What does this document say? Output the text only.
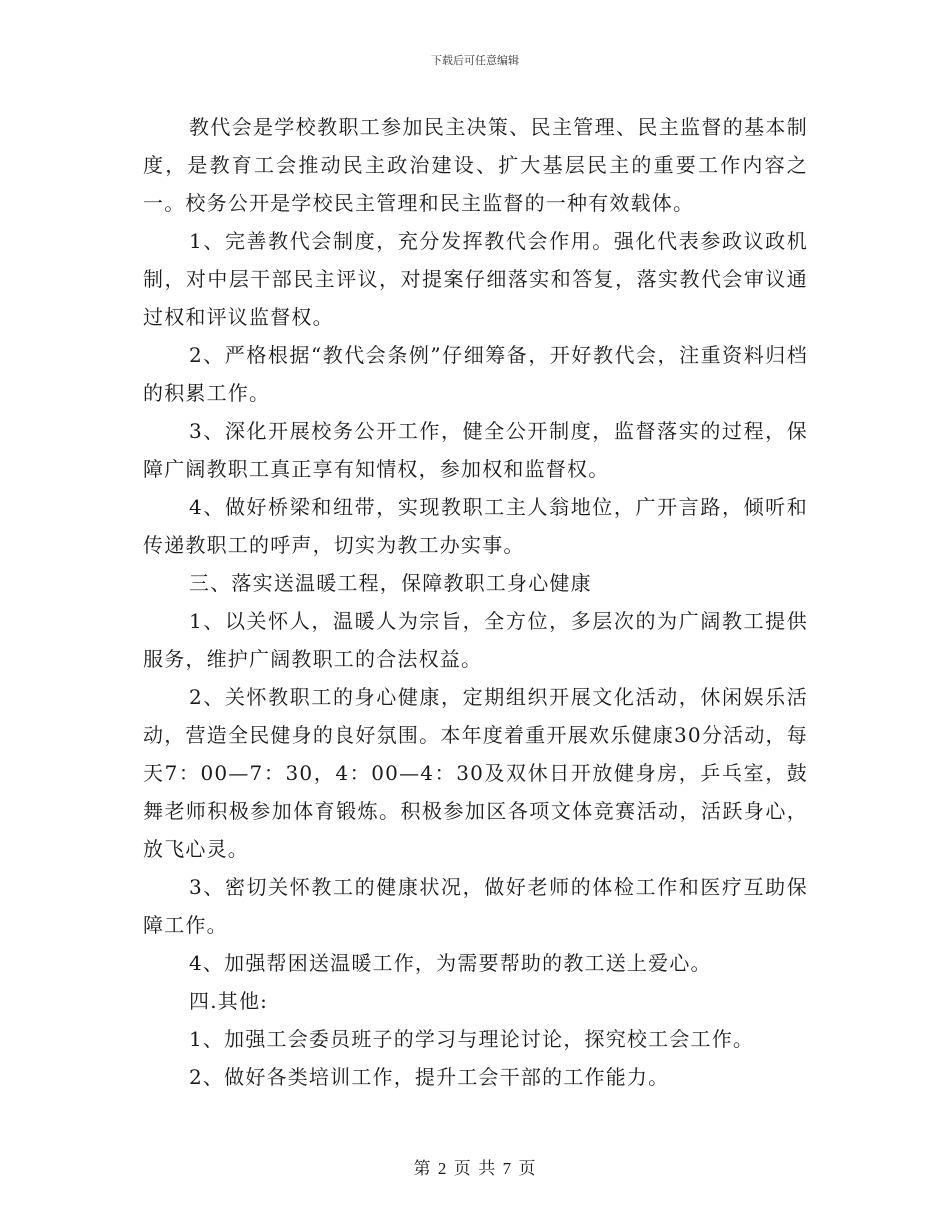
下载后可任意编辑

教代会是学校教职工参加民主决策、民主管理、民主监督的基本制度，是教育工会推动民主政治建设、扩大基层民主的重要工作内容之一。校务公开是学校民主管理和民主监督的一种有效载体。

1、完善教代会制度，充分发挥教代会作用。强化代表参政议政机制，对中层干部民主评议，对提案仔细落实和答复，落实教代会审议通过权和评议监督权。

2、严格根据“教代会条例”仔细筹备，开好教代会，注重资料归档的积累工作。

3、深化开展校务公开工作，健全公开制度，监督落实的过程，保障广阔教职工真正享有知情权，参加权和监督权。

4、做好桥梁和纽带，实现教职工主人翁地位，广开言路，倾听和传递教职工的呼声，切实为教工办实事。

三、落实送温暖工程，保障教职工身心健康

1、以关怀人，温暖人为宗旨，全方位，多层次的为广阔教工提供服务，维护广阔教职工的合法权益。

2、关怀教职工的身心健康，定期组织开展文化活动，休闲娱乐活动，营造全民健身的良好氛围。本年度着重开展欢乐健康30分活动，每天7：00—7：30，4：00—4：30及双休日开放健身房，乒乓室，鼓舞老师积极参加体育锻炼。积极参加区各项文体竞赛活动，活跃身心，放飞心灵。

3、密切关怀教工的健康状况，做好老师的体检工作和医疗互助保障工作。

4、加强帮困送温暖工作，为需要帮助的教工送上爱心。

四.其他:

1、加强工会委员班子的学习与理论讨论，探究校工会工作。

2、做好各类培训工作，提升工会干部的工作能力。

第 2 页 共 7 页
